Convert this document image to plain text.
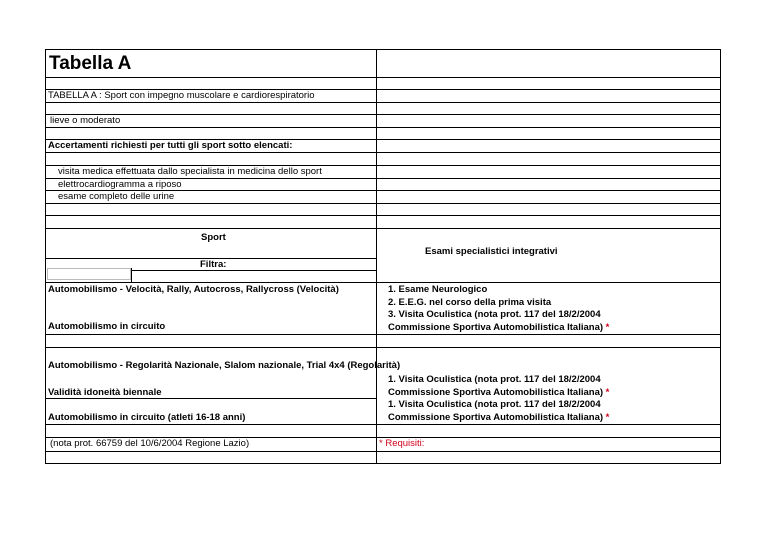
Tabella A
TABELLA A : Sport con impegno muscolare e cardiorespiratorio
lieve o moderato
Accertamenti richiesti per tutti gli sport sotto elencati:
visita medica effettuata dallo specialista in medicina dello sport
elettrocardiogramma a riposo
esame completo delle urine
Sport
Filtra:
Esami specialistici integrativi
Automobilismo - Velocità, Rally, Autocross, Rallycross (Velocità)
Automobilismo in circuito
Automobilismo - Regolarità Nazionale, Slalom nazionale, Trial 4x4 (Regolarità)
Validità idoneità biennale
Automobilismo in circuito (atleti 16-18 anni)
(nota prot. 66759 del 10/6/2004 Regione Lazio)
1. Esame Neurologico
2. E.E.G. nel corso della prima visita
3. Visita Oculistica (nota prot. 117 del 18/2/2004
Commissione Sportiva Automobilistica Italiana) *
1. Visita Oculistica (nota prot. 117 del 18/2/2004
Commissione Sportiva Automobilistica Italiana) *
1. Visita Oculistica (nota prot. 117 del 18/2/2004
Commissione Sportiva Automobilistica Italiana) *
* Requisiti:
